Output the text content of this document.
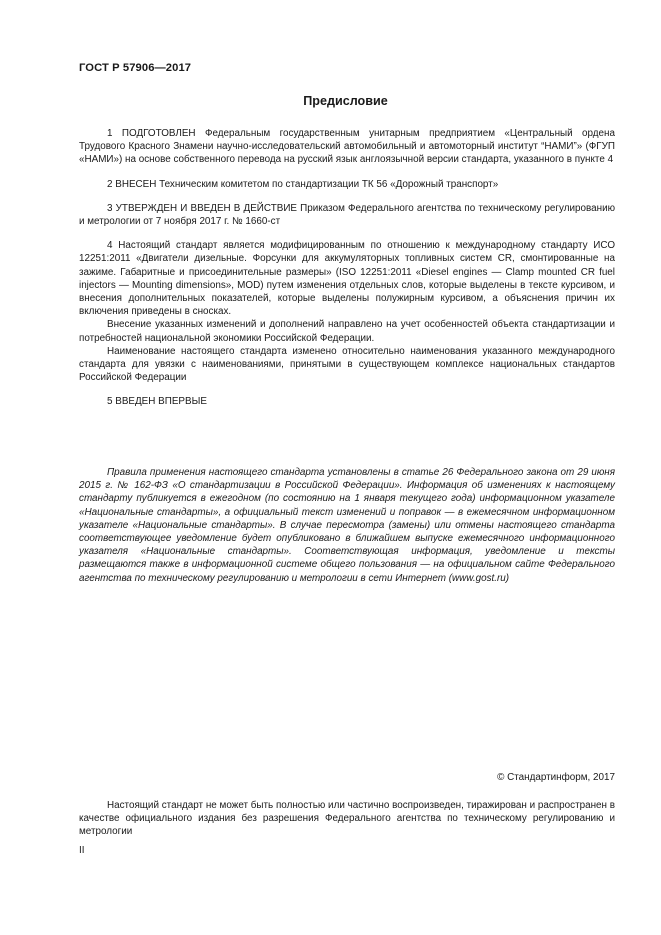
ГОСТ Р 57906—2017
Предисловие

1 ПОДГОТОВЛЕН Федеральным государственным унитарным предприятием «Центральный ордена Трудового Красного Знамени научно-исследовательский автомобильный и автомоторный институт “НАМИ”» (ФГУП «НАМИ») на основе собственного перевода на русский язык англоязычной версии стандарта, указанного в пункте 4

2 ВНЕСЕН Техническим комитетом по стандартизации ТК 56 «Дорожный транспорт»

3 УТВЕРЖДЕН И ВВЕДЕН В ДЕЙСТВИЕ Приказом Федерального агентства по техническому регулированию и метрологии от 7 ноября 2017 г. № 1660-ст

4 Настоящий стандарт является модифицированным по отношению к международному стандарту ИСО 12251:2011 «Двигатели дизельные. Форсунки для аккумуляторных топливных систем CR, смонтированные на зажиме. Габаритные и присоединительные размеры» (ISO 12251:2011 «Diesel engines — Clamp mounted CR fuel injectors — Mounting dimensions», MOD) путем изменения отдельных слов, которые выделены в тексте курсивом, и внесения дополнительных показателей, которые выделены полужирным курсивом, а объяснения причин их включения приведены в сносках.

Внесение указанных изменений и дополнений направлено на учет особенностей объекта стандартизации и потребностей национальной экономики Российской Федерации.

Наименование настоящего стандарта изменено относительно наименования указанного международного стандарта для увязки с наименованиями, принятыми в существующем комплексе национальных стандартов Российской Федерации

5 ВВЕДЕН ВПЕРВЫЕ

Правила применения настоящего стандарта установлены в статье 26 Федерального закона от 29 июня 2015 г. № 162-ФЗ «О стандартизации в Российской Федерации». Информация об изменениях к настоящему стандарту публикуется в ежегодном (по состоянию на 1 января текущего года) информационном указателе «Национальные стандарты», а официальный текст изменений и поправок — в ежемесячном информационном указателе «Национальные стандарты». В случае пересмотра (замены) или отмены настоящего стандарта соответствующее уведомление будет опубликовано в ближайшем выпуске ежемесячного информационного указателя «Национальные стандарты». Соответствующая информация, уведомление и тексты размещаются также в информационной системе общего пользования — на официальном сайте Федерального агентства по техническому регулированию и метрологии в сети Интернет (www.gost.ru)

© Стандартинформ, 2017

Настоящий стандарт не может быть полностью или частично воспроизведен, тиражирован и распространен в качестве официального издания без разрешения Федерального агентства по техническому регулированию и метрологии

II
